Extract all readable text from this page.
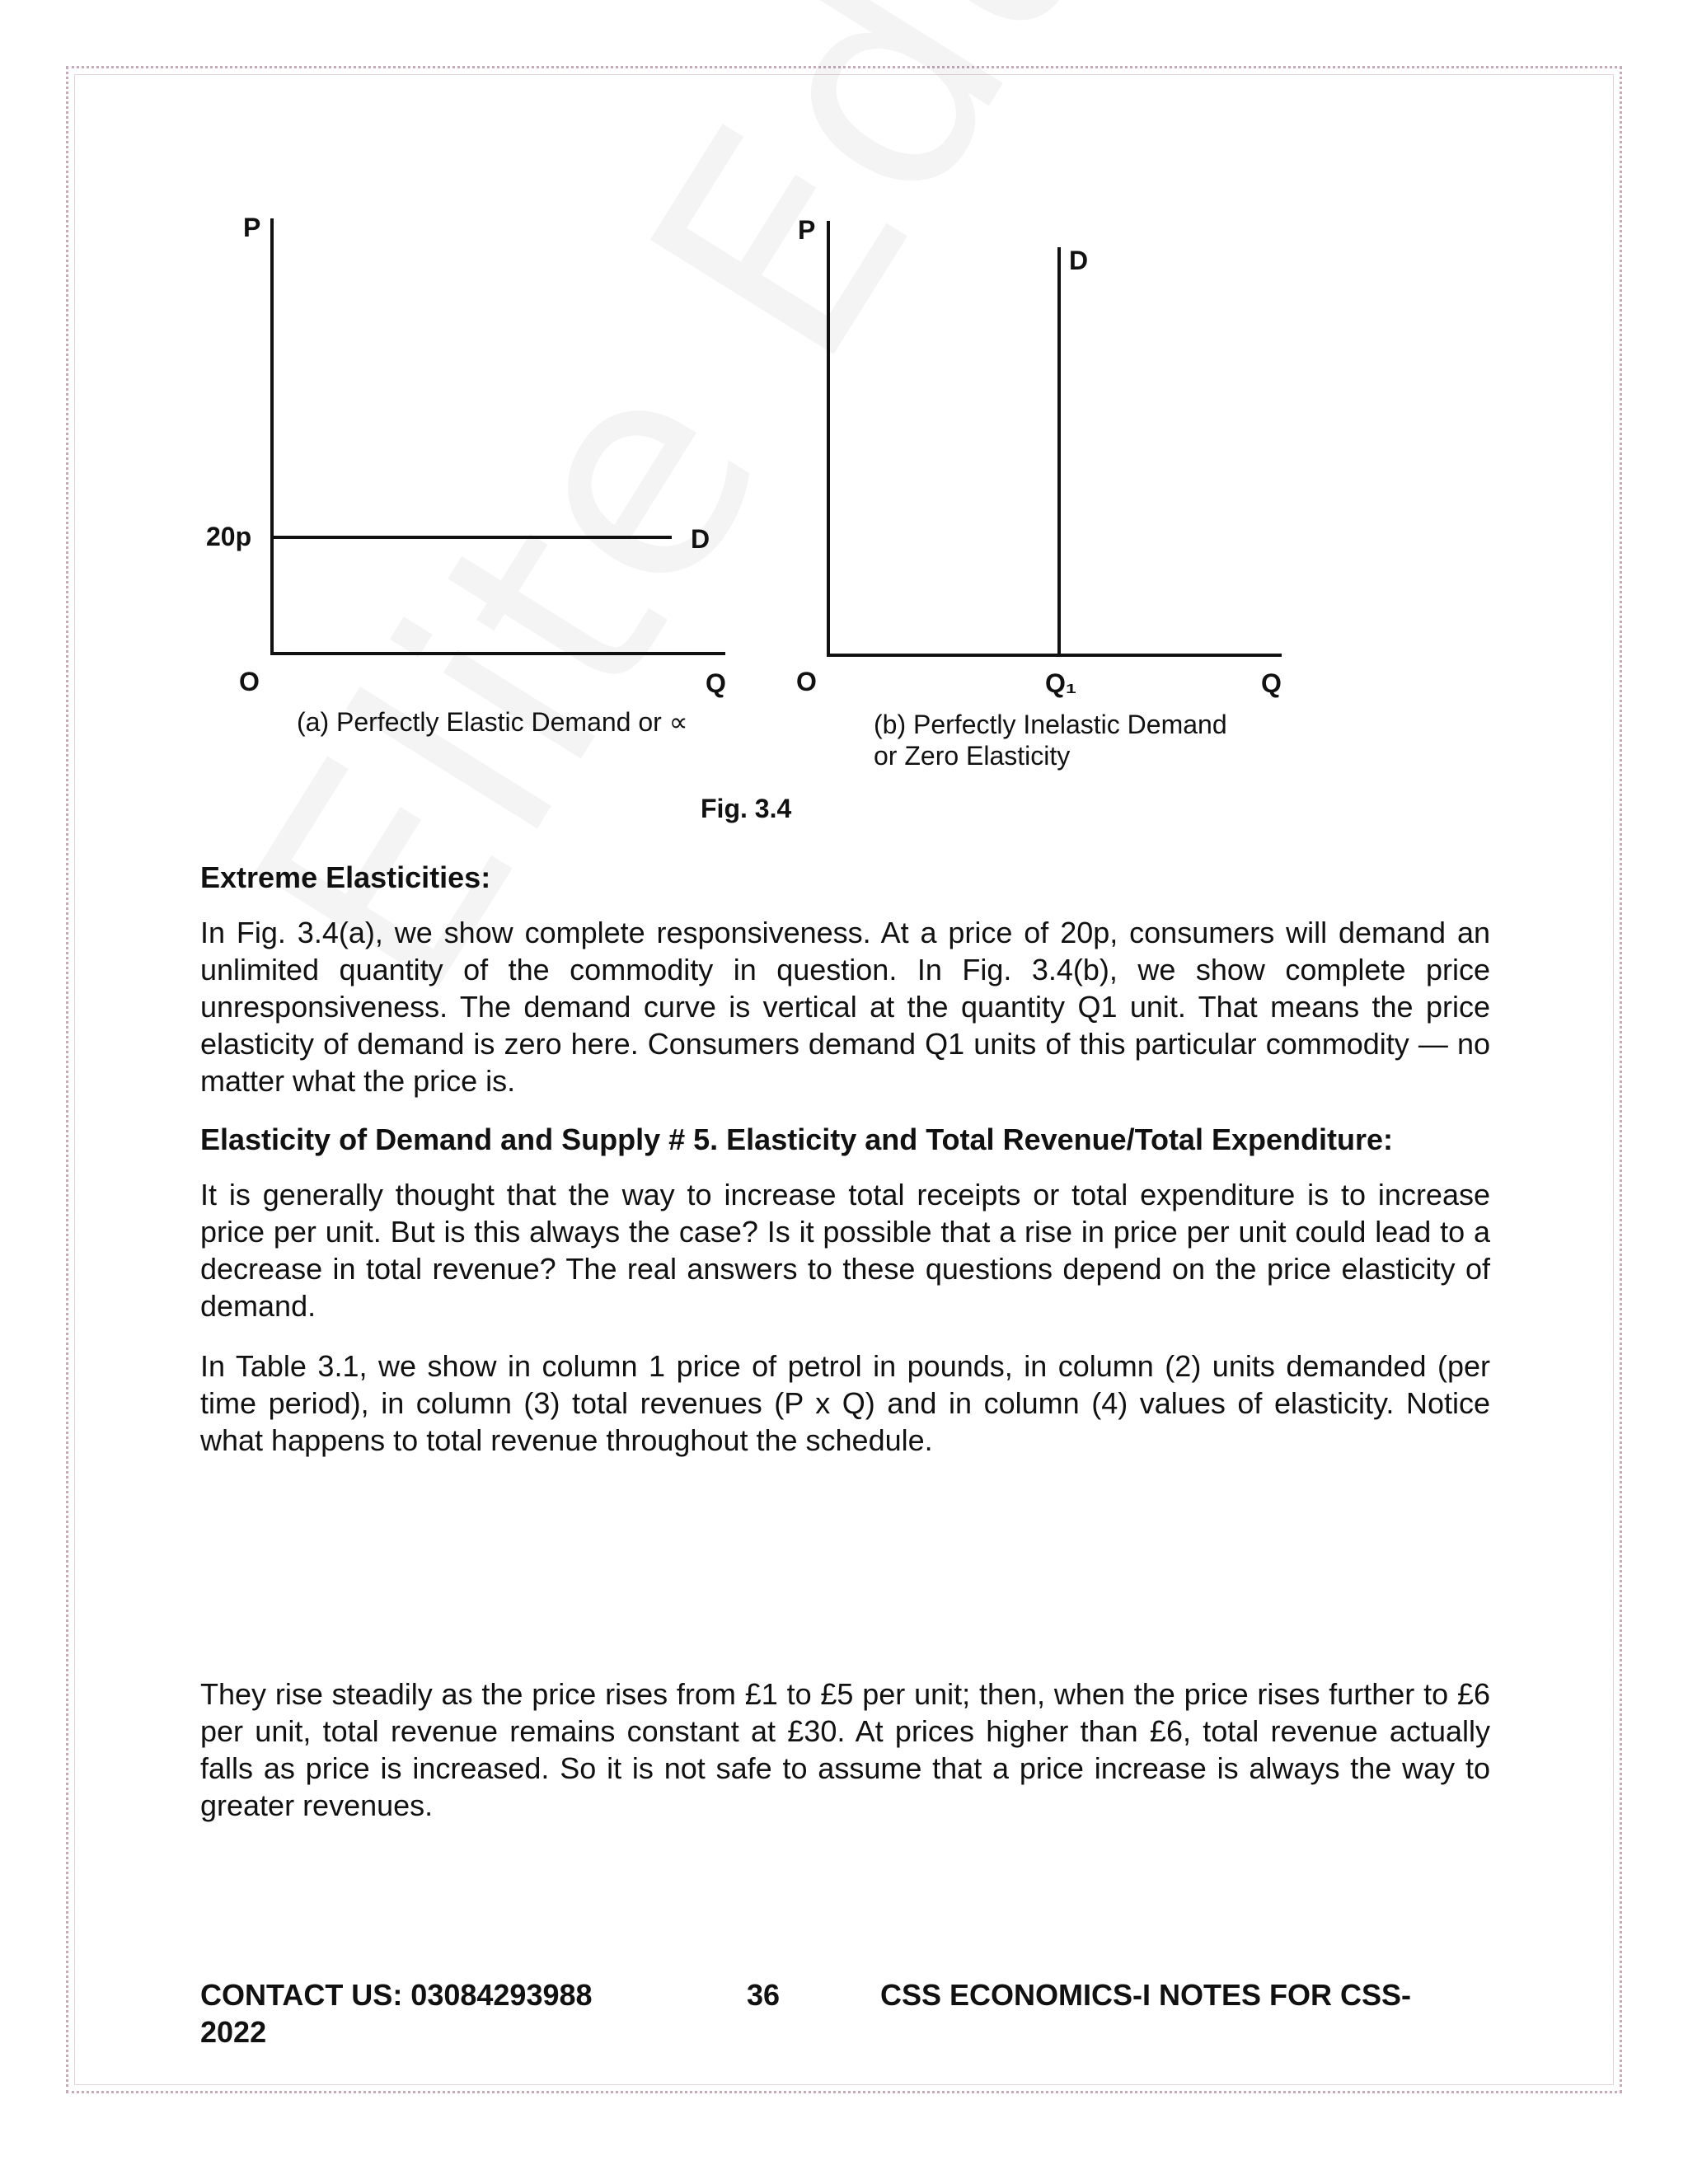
P
20p	D
O	Q
(a) Perfectly Elastic Demand or ∝
P
D
O	Q₁	Q
(b) Perfectly Inelastic Demand
or Zero Elasticity
Fig. 3.4

Extreme Elasticities:

In Fig. 3.4(a), we show complete responsiveness. At a price of 20p, consumers will demand an unlimited quantity of the commodity in question. In Fig. 3.4(b), we show complete price unresponsiveness. The demand curve is vertical at the quantity Q1 unit. That means the price elasticity of demand is zero here. Consumers demand Q1 units of this particular commodity — no matter what the price is.

Elasticity of Demand and Supply # 5. Elasticity and Total Revenue/Total Expenditure:

It is generally thought that the way to increase total receipts or total expenditure is to increase price per unit. But is this always the case? Is it possible that a rise in price per unit could lead to a decrease in total revenue? The real answers to these questions depend on the price elasticity of demand.

In Table 3.1, we show in column 1 price of petrol in pounds, in column (2) units demanded (per time period), in column (3) total revenues (P x Q) and in column (4) values of elasticity. Notice what happens to total revenue throughout the schedule.

They rise steadily as the price rises from £1 to £5 per unit; then, when the price rises further to £6 per unit, total revenue remains constant at £30. At prices higher than £6, total revenue actually falls as price is increased. So it is not safe to assume that a price increase is always the way to greater revenues.

CONTACT US: 03084293988
2022
36	CSS ECONOMICS-I NOTES FOR CSS-
